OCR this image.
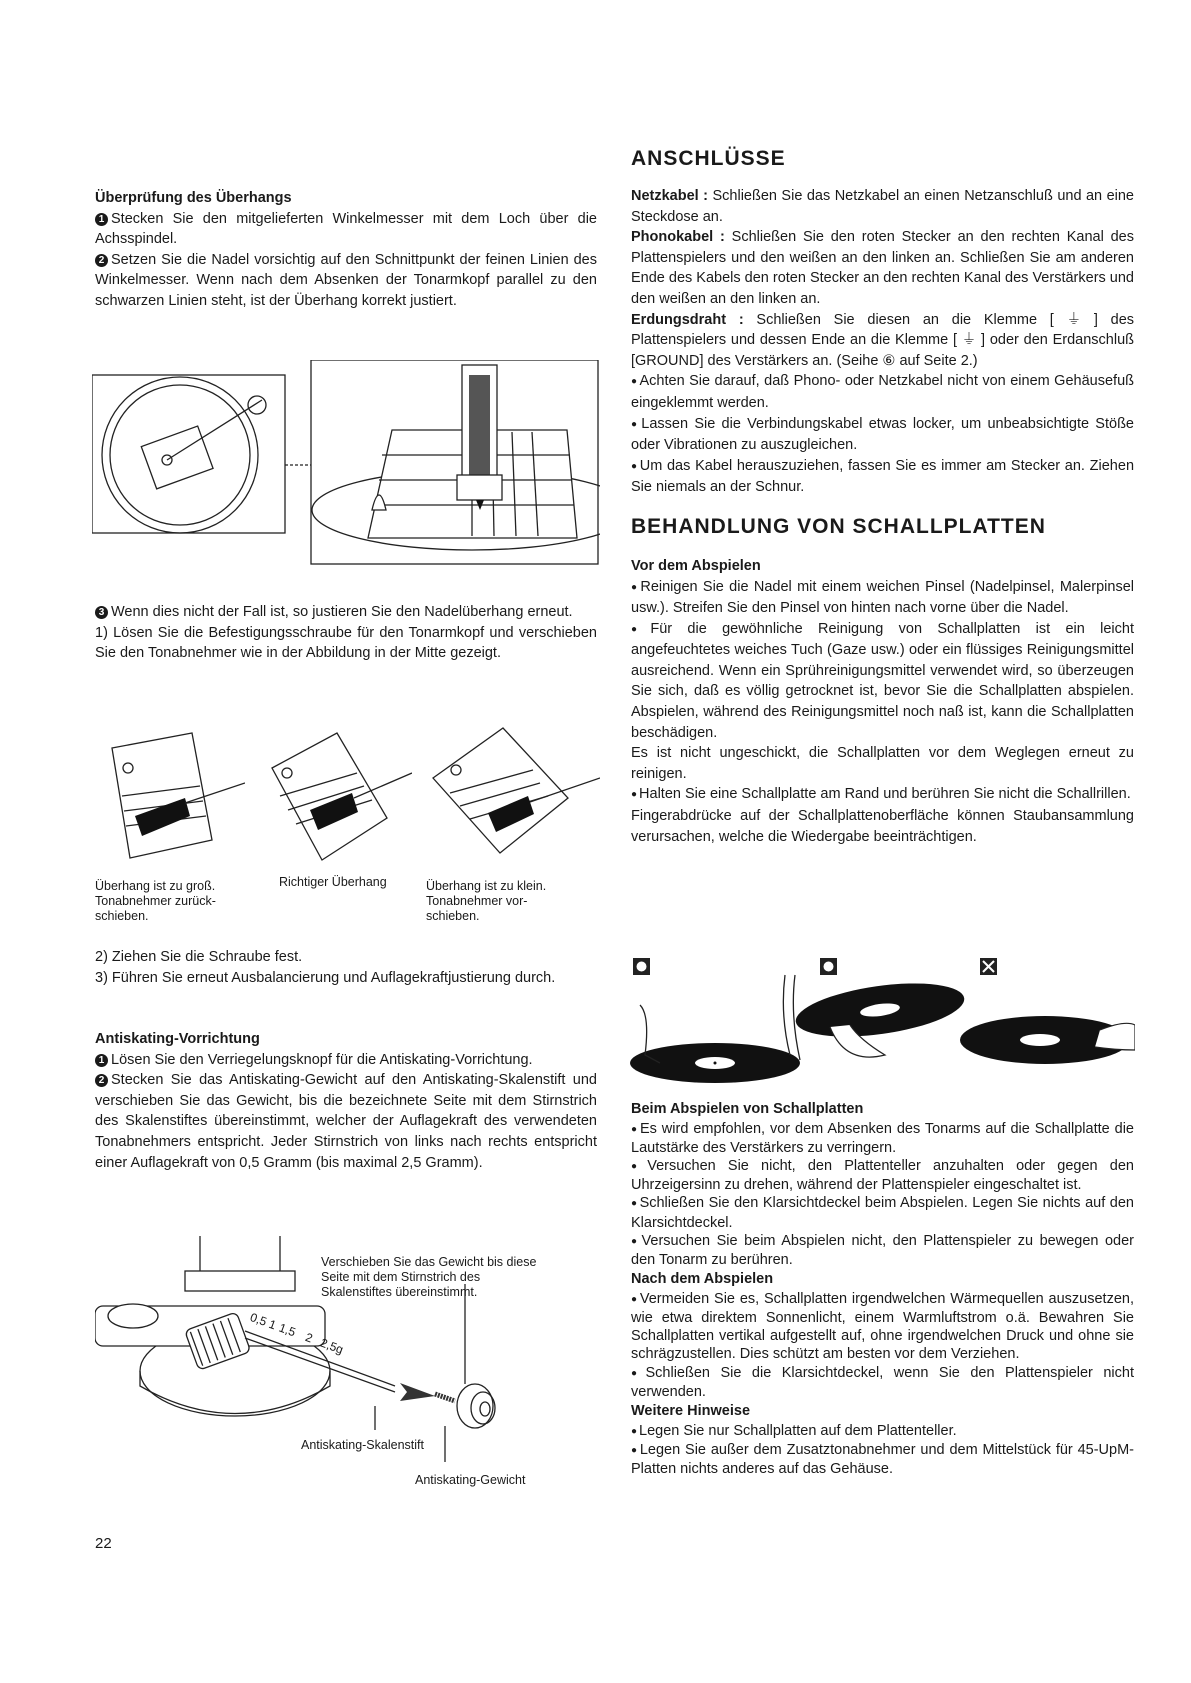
Überprüfung des Überhangs

1 Stecken Sie den mitgelieferten Winkelmesser mit dem Loch über die Achsspindel.

2 Setzen Sie die Nadel vorsichtig auf den Schnittpunkt der feinen Linien des Winkelmesser. Wenn nach dem Absenken der Tonarmkopf parallel zu den schwarzen Linien steht, ist der Überhang korrekt justiert.

3 Wenn dies nicht der Fall ist, so justieren Sie den Nadelüberhang erneut.

1) Lösen Sie die Befestigungsschraube für den Tonarmkopf und verschieben Sie den Tonabnehmer wie in der Abbildung in der Mitte gezeigt.

Überhang ist zu groß.
Tonabnehmer zurück-
schieben.
Richtiger Überhang	Überhang ist zu klein.
Tonabnehmer vor-
schieben.

2) Ziehen Sie die Schraube fest.

3) Führen Sie erneut Ausbalancierung und Auflagekraftjustierung durch.

Antiskating-Vorrichtung

1 Lösen Sie den Verriegelungsknopf für die Antiskating-Vorrichtung.

2 Stecken Sie das Antiskating-Gewicht auf den Antiskating-Skalenstift und verschieben Sie das Gewicht, bis die bezeichnete Seite mit dem Stirnstrich des Skalenstiftes übereinstimmt, welcher der Auflagekraft des verwendeten Tonabnehmers entspricht. Jeder Stirnstrich von links nach rechts entspricht einer Auflagekraft von 0,5 Gramm (bis maximal 2,5 Gramm).

Verschieben Sie das Gewicht bis diese
Seite mit dem Stirnstrich des
Skalenstiftes übereinstimmt.
0,5 11,5 2 2,5g
Antiskating-Skalenstift
Antiskating-Gewicht
22

ANSCHLÜSSE

Netzkabel : Schließen Sie das Netzkabel an einen Netzanschluß und an eine Steckdose an.

Phonokabel : Schließen Sie den roten Stecker an den rechten Kanal des Plattenspielers und den weißen an den linken an. Schließen Sie am anderen Ende des Kabels den roten Stecker an den rechten Kanal des Verstärkers und den weißen an den linken an.

Erdungsdraht : Schließen Sie diesen an die Klemme [ ⏚ ] des Plattenspielers und dessen Ende an die Klemme [ ⏚ ] oder den Erdanschluß [GROUND] des Verstärkers an. (Seihe ⑥ auf Seite 2.)

● Achten Sie darauf, daß Phono- oder Netzkabel nicht von einem Gehäusefuß eingeklemmt werden.

● Lassen Sie die Verbindungskabel etwas locker, um unbeabsichtigte Stöße oder Vibrationen zu auszugleichen.

● Um das Kabel herauszuziehen, fassen Sie es immer am Stecker an. Ziehen Sie niemals an der Schnur.

BEHANDLUNG VON SCHALLPLATTEN

Vor dem Abspielen

● Reinigen Sie die Nadel mit einem weichen Pinsel (Nadelpinsel, Malerpinsel usw.). Streifen Sie den Pinsel von hinten nach vorne über die Nadel.

● Für die gewöhnliche Reinigung von Schallplatten ist ein leicht angefeuchtetes weiches Tuch (Gaze usw.) oder ein flüssiges Reinigungsmittel ausreichend. Wenn ein Sprühreinigungsmittel verwendet wird, so überzeugen Sie sich, daß es völlig getrocknet ist, bevor Sie die Schallplatten abspielen. Abspielen, während des Reinigungsmittel noch naß ist, kann die Schallplatten beschädigen.

Es ist nicht ungeschickt, die Schallplatten vor dem Weglegen erneut zu reinigen.

● Halten Sie eine Schallplatte am Rand und berühren Sie nicht die Schallrillen.

Fingerabdrücke auf der Schallplattenoberfläche können Staubansammlung verursachen, welche die Wiedergabe beeinträchtigen.

Beim Abspielen von Schallplatten

● Es wird empfohlen, vor dem Absenken des Tonarms auf die Schallplatte die Lautstärke des Verstärkers zu verringern.

● Versuchen Sie nicht, den Plattenteller anzuhalten oder gegen den Uhrzeigersinn zu drehen, während der Plattenspieler eingeschaltet ist.

● Schließen Sie den Klarsichtdeckel beim Abspielen. Legen Sie nichts auf den Klarsichtdeckel.

● Versuchen Sie beim Abspielen nicht, den Plattenspieler zu bewegen oder den Tonarm zu berühren.

Nach dem Abspielen

● Vermeiden Sie es, Schallplatten irgendwelchen Wärmequellen auszusetzen, wie etwa direktem Sonnenlicht, einem Warmluftstrom o.ä. Bewahren Sie Schallplatten vertikal aufgestellt auf, ohne irgendwelchen Druck und ohne sie schrägzustellen. Dies schützt am besten vor dem Verziehen.

● Schließen Sie die Klarsichtdeckel, wenn Sie den Plattenspieler nicht verwenden.

Weitere Hinweise

● Legen Sie nur Schallplatten auf dem Plattenteller.

● Legen Sie außer dem Zusatztonabnehmer und dem Mittelstück für 45-UpM-Platten nichts anderes auf das Gehäuse.
